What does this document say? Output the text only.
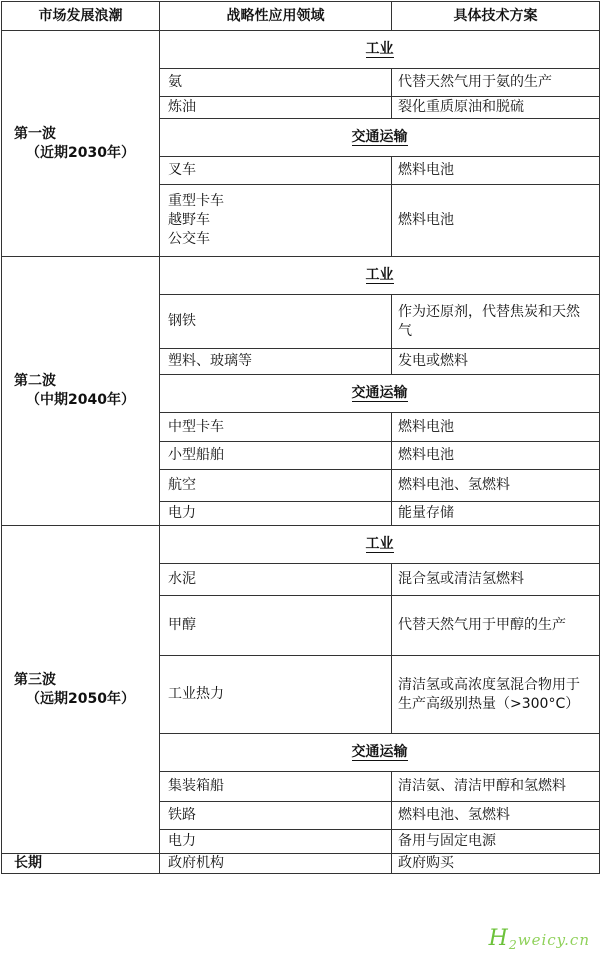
市场发展浪潮	战略性应用领域	具体技术方案
第一波
（近期2030年）	工业	

	氨	代替天然气用于氨的生产

	炼油	裂化重质原油和脱硫
	交通运输	

	叉车	燃料电池

	重型卡车
越野车
公交车	燃料电池
第二波
（中期2040年）	工业	

	钢铁	作为还原剂，代替焦炭和天然气

	塑料、玻璃等	发电或燃料
	交通运输	

	中型卡车	燃料电池

	小型船舶	燃料电池

	航空	燃料电池、氢燃料

	电力	能量存储
第三波
（远期2050年）	工业	

	水泥	混合氢或清洁氢燃料

	甲醇	代替天然气用于甲醇的生产

	工业热力	清洁氢或高浓度氢混合物用于生产高级别热量（>300°C）
	交通运输	

	集装箱船	清洁氨、清洁甲醇和氢燃料

	铁路	燃料电池、氢燃料

	电力	备用与固定电源
长期	政府机构	政府购买
$H_2weicy.cn$
